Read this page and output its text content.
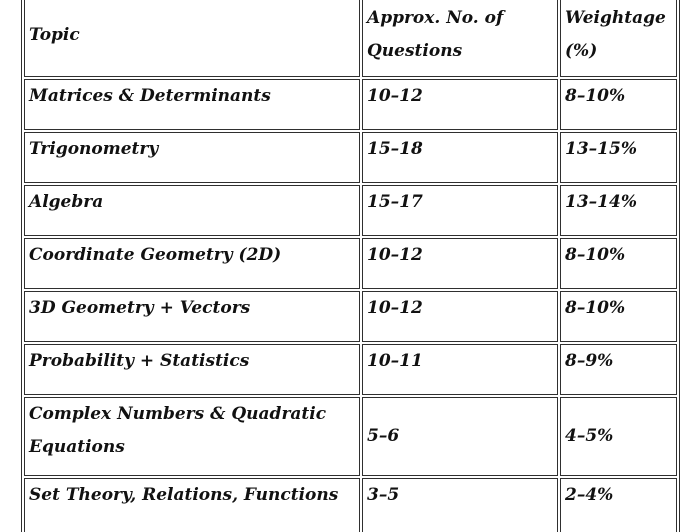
Topic	Approx. No. of Questions	Weightage (%)
Matrices & Determinants	10–12	8–10%
Trigonometry	15–18	13–15%
Algebra	15–17	13–14%
Coordinate Geometry (2D)	10–12	8–10%
3D Geometry + Vectors	10–12	8–10%
Probability + Statistics	10–11	8–9%
Complex Numbers & Quadratic Equations	5–6	4–5%
Set Theory, Relations, Functions	3–5	2–4%
